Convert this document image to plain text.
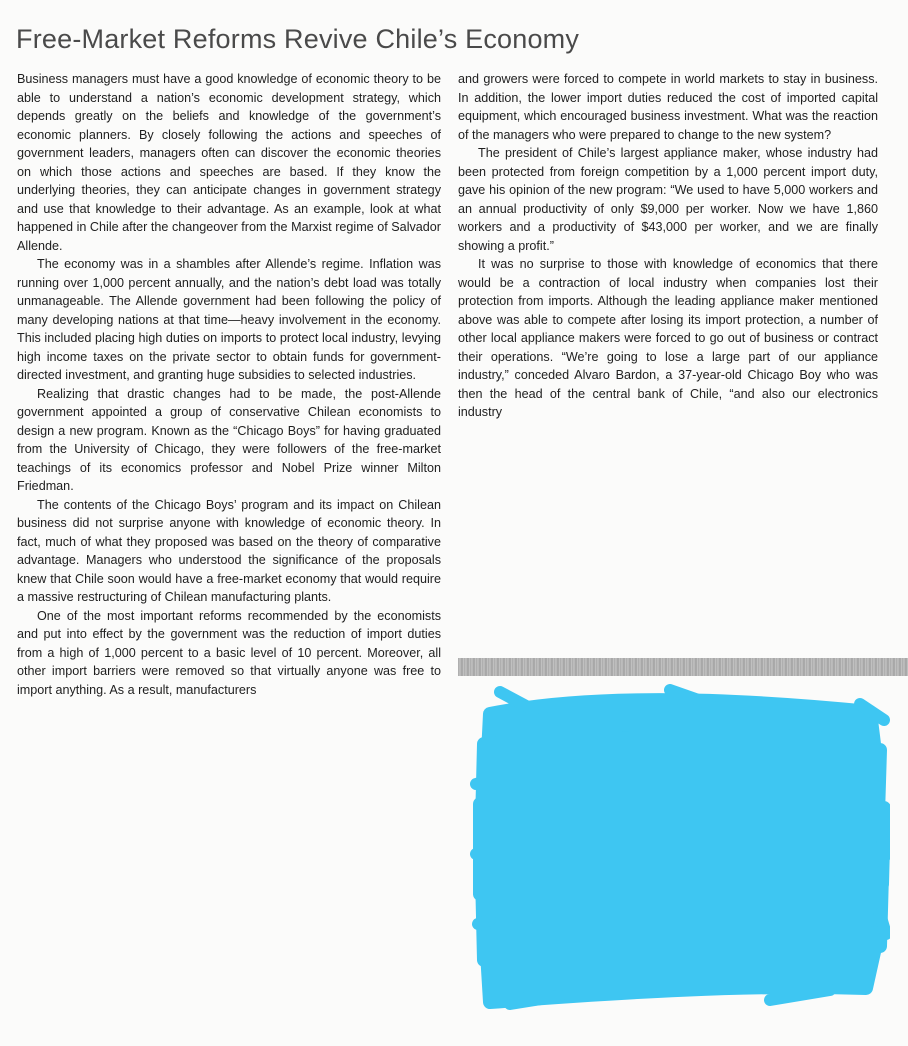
Free-Market Reforms Revive Chile’s Economy

Business managers must have a good knowledge of economic theory to be able to understand a nation’s economic development strategy, which depends greatly on the beliefs and knowledge of the government’s economic planners. By closely following the actions and speeches of government leaders, managers often can discover the economic theories on which those actions and speeches are based. If they know the underlying theories, they can anticipate changes in government strategy and use that knowledge to their advantage. As an example, look at what happened in Chile after the changeover from the Marxist regime of Salvador Allende.

The economy was in a shambles after Allende’s regime. Inflation was running over 1,000 percent annually, and the nation’s debt load was totally unmanageable. The Allende government had been following the policy of many developing nations at that time—heavy involvement in the economy. This included placing high duties on imports to protect local industry, levying high income taxes on the private sector to obtain funds for government-directed investment, and granting huge subsidies to selected industries.

Realizing that drastic changes had to be made, the post-Allende government appointed a group of conservative Chilean economists to design a new program. Known as the “Chicago Boys” for having graduated from the University of Chicago, they were followers of the free-market teachings of its economics professor and Nobel Prize winner Milton Friedman.

The contents of the Chicago Boys’ program and its impact on Chilean business did not surprise anyone with knowledge of economic theory. In fact, much of what they proposed was based on the theory of comparative advantage. Managers who understood the significance of the proposals knew that Chile soon would have a free-market economy that would require a massive restructuring of Chilean manufacturing plants.

One of the most important reforms recommended by the economists and put into effect by the government was the reduction of import duties from a high of 1,000 percent to a basic level of 10 percent. Moreover, all other import barriers were removed so that virtually anyone was free to import anything. As a result, manufacturers

and growers were forced to compete in world markets to stay in business. In addition, the lower import duties reduced the cost of imported capital equipment, which encouraged business investment. What was the reaction of the managers who were prepared to change to the new system?

The president of Chile’s largest appliance maker, whose industry had been protected from foreign competition by a 1,000 percent import duty, gave his opinion of the new program: “We used to have 5,000 workers and an annual productivity of only $9,000 per worker. Now we have 1,860 workers and a productivity of $43,000 per worker, and we are finally showing a profit.”

It was no surprise to those with knowledge of economics that there would be a contraction of local industry when companies lost their protection from imports. Although the leading appliance maker mentioned above was able to compete after losing its import protection, a number of other local appliance makers were forced to go out of business or contract their operations. “We’re going to lose a large part of our appliance industry,” conceded Alvaro Bardon, a 37-year-old Chicago Boy who was then the head of the central bank of Chile, “and also our electronics industry
